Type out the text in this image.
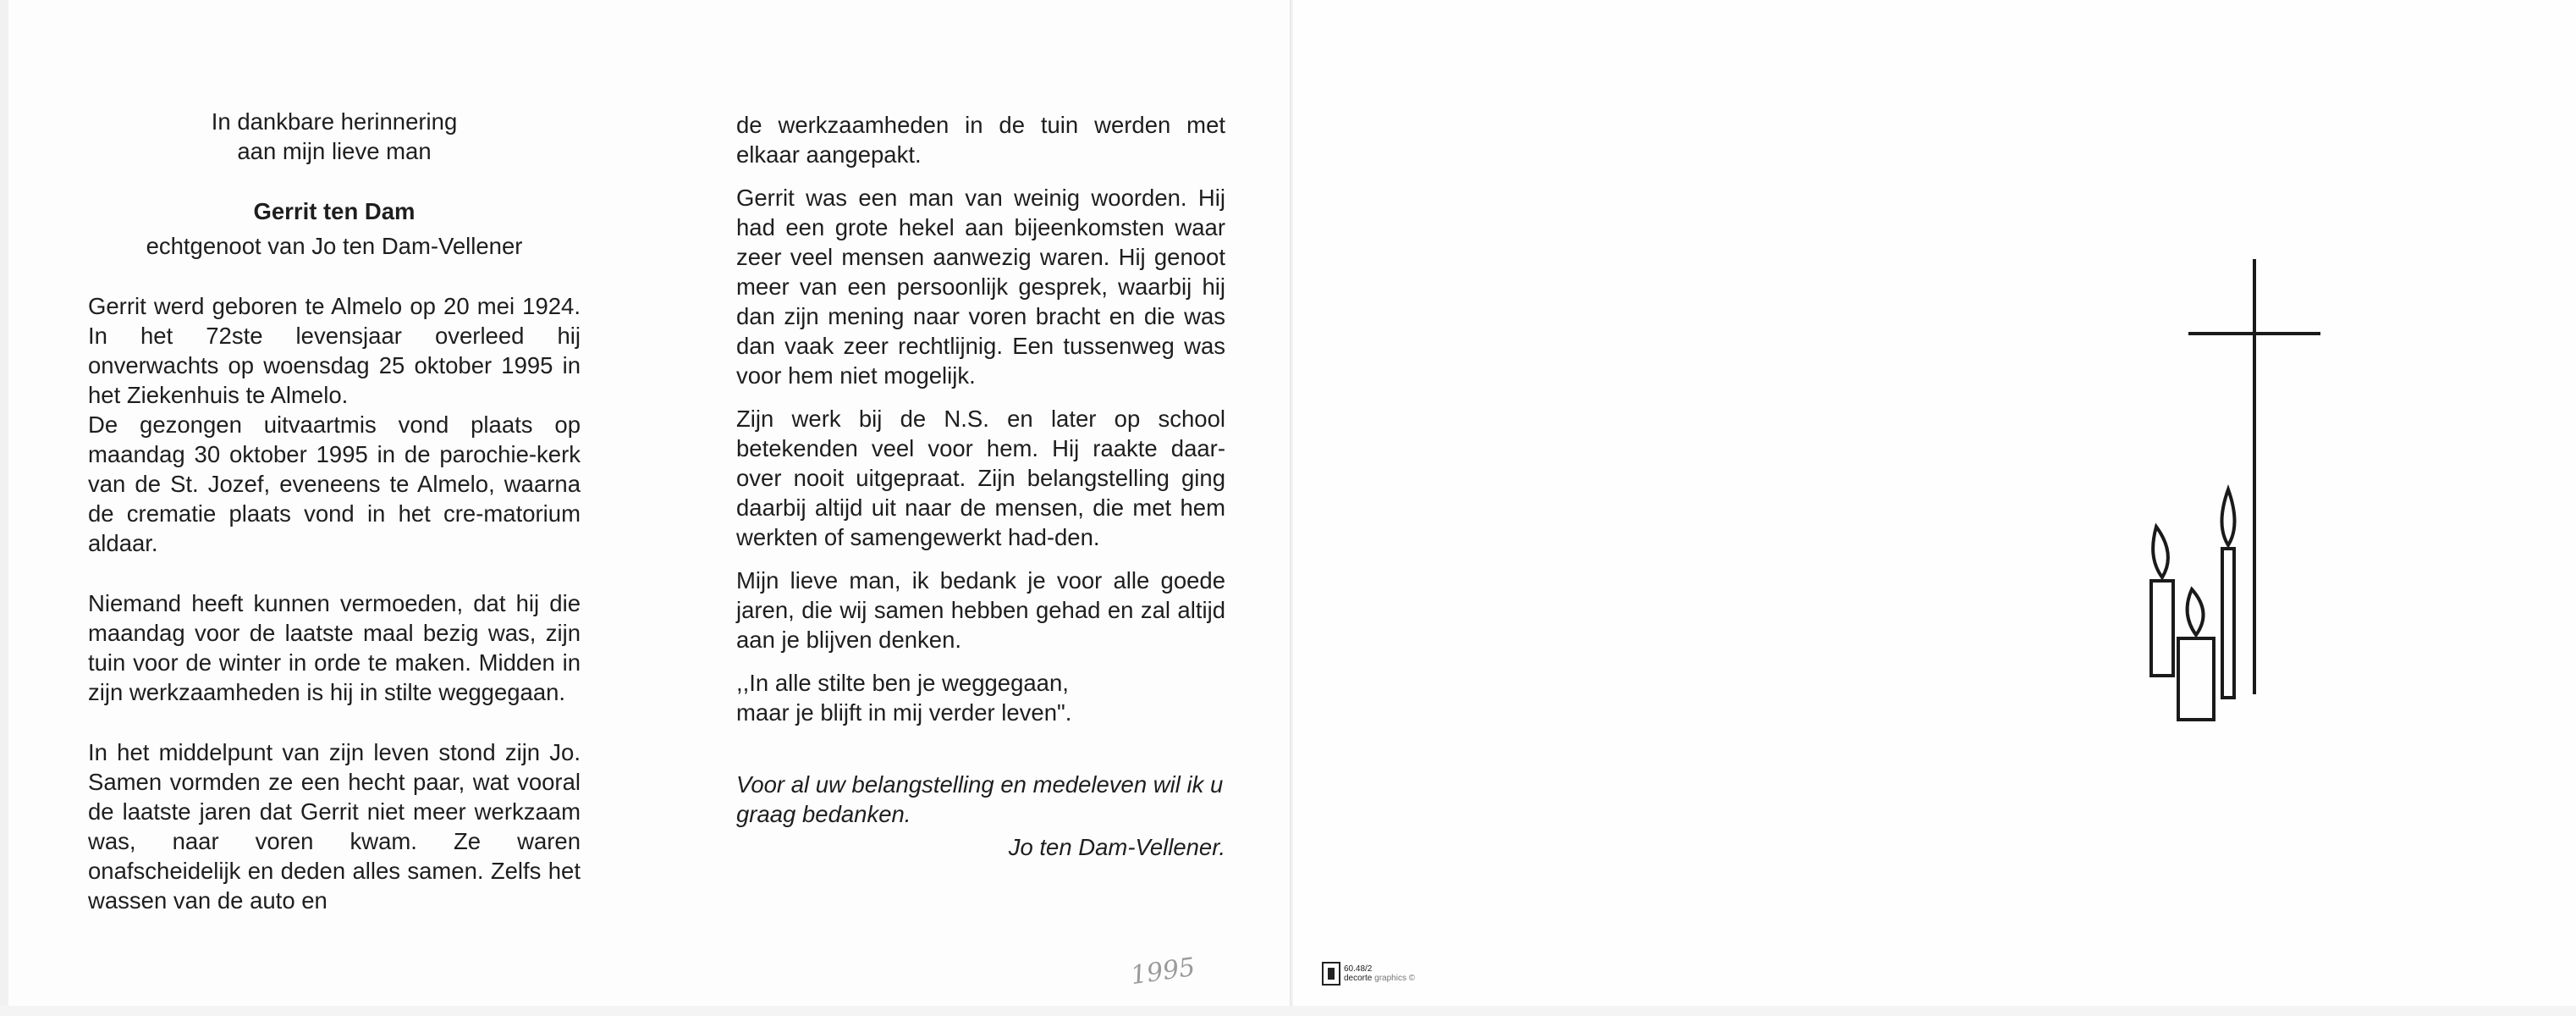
In dankbare herinnering

aan mijn lieve man

Gerrit ten Dam

echtgenoot van Jo ten Dam-Vellener

Gerrit werd geboren te Almelo op 20 mei 1924. In het 72ste levensjaar overleed hij onverwachts op woensdag 25 oktober 1995 in het Ziekenhuis te Almelo.

De gezongen uitvaartmis vond plaats op maandag 30 oktober 1995 in de parochie-kerk van de St. Jozef, eveneens te Almelo, waarna de crematie plaats vond in het cre-matorium aldaar.

Niemand heeft kunnen vermoeden, dat hij die maandag voor de laatste maal bezig was, zijn tuin voor de winter in orde te maken. Midden in zijn werkzaamheden is hij in stilte weggegaan.

In het middelpunt van zijn leven stond zijn Jo. Samen vormden ze een hecht paar, wat vooral de laatste jaren dat Gerrit niet meer werkzaam was, naar voren kwam. Ze waren onafscheidelijk en deden alles samen. Zelfs het wassen van de auto en

de werkzaamheden in de tuin werden met elkaar aangepakt.

Gerrit was een man van weinig woorden. Hij had een grote hekel aan bijeenkomsten waar zeer veel mensen aanwezig waren. Hij genoot meer van een persoonlijk gesprek, waarbij hij dan zijn mening naar voren bracht en die was dan vaak zeer rechtlijnig. Een tussenweg was voor hem niet mogelijk.

Zijn werk bij de N.S. en later op school betekenden veel voor hem. Hij raakte daar-over nooit uitgepraat. Zijn belangstelling ging daarbij altijd uit naar de mensen, die met hem werkten of samengewerkt had-den.

Mijn lieve man, ik bedank je voor alle goede jaren, die wij samen hebben gehad en zal altijd aan je blijven denken.

,,In alle stilte ben je weggegaan,

maar je blijft in mij verder leven".

Voor al uw belangstelling en medeleven wil ik u graag bedanken.

Jo ten Dam-Vellener.

1995	60.48/2
decorte graphics ©
